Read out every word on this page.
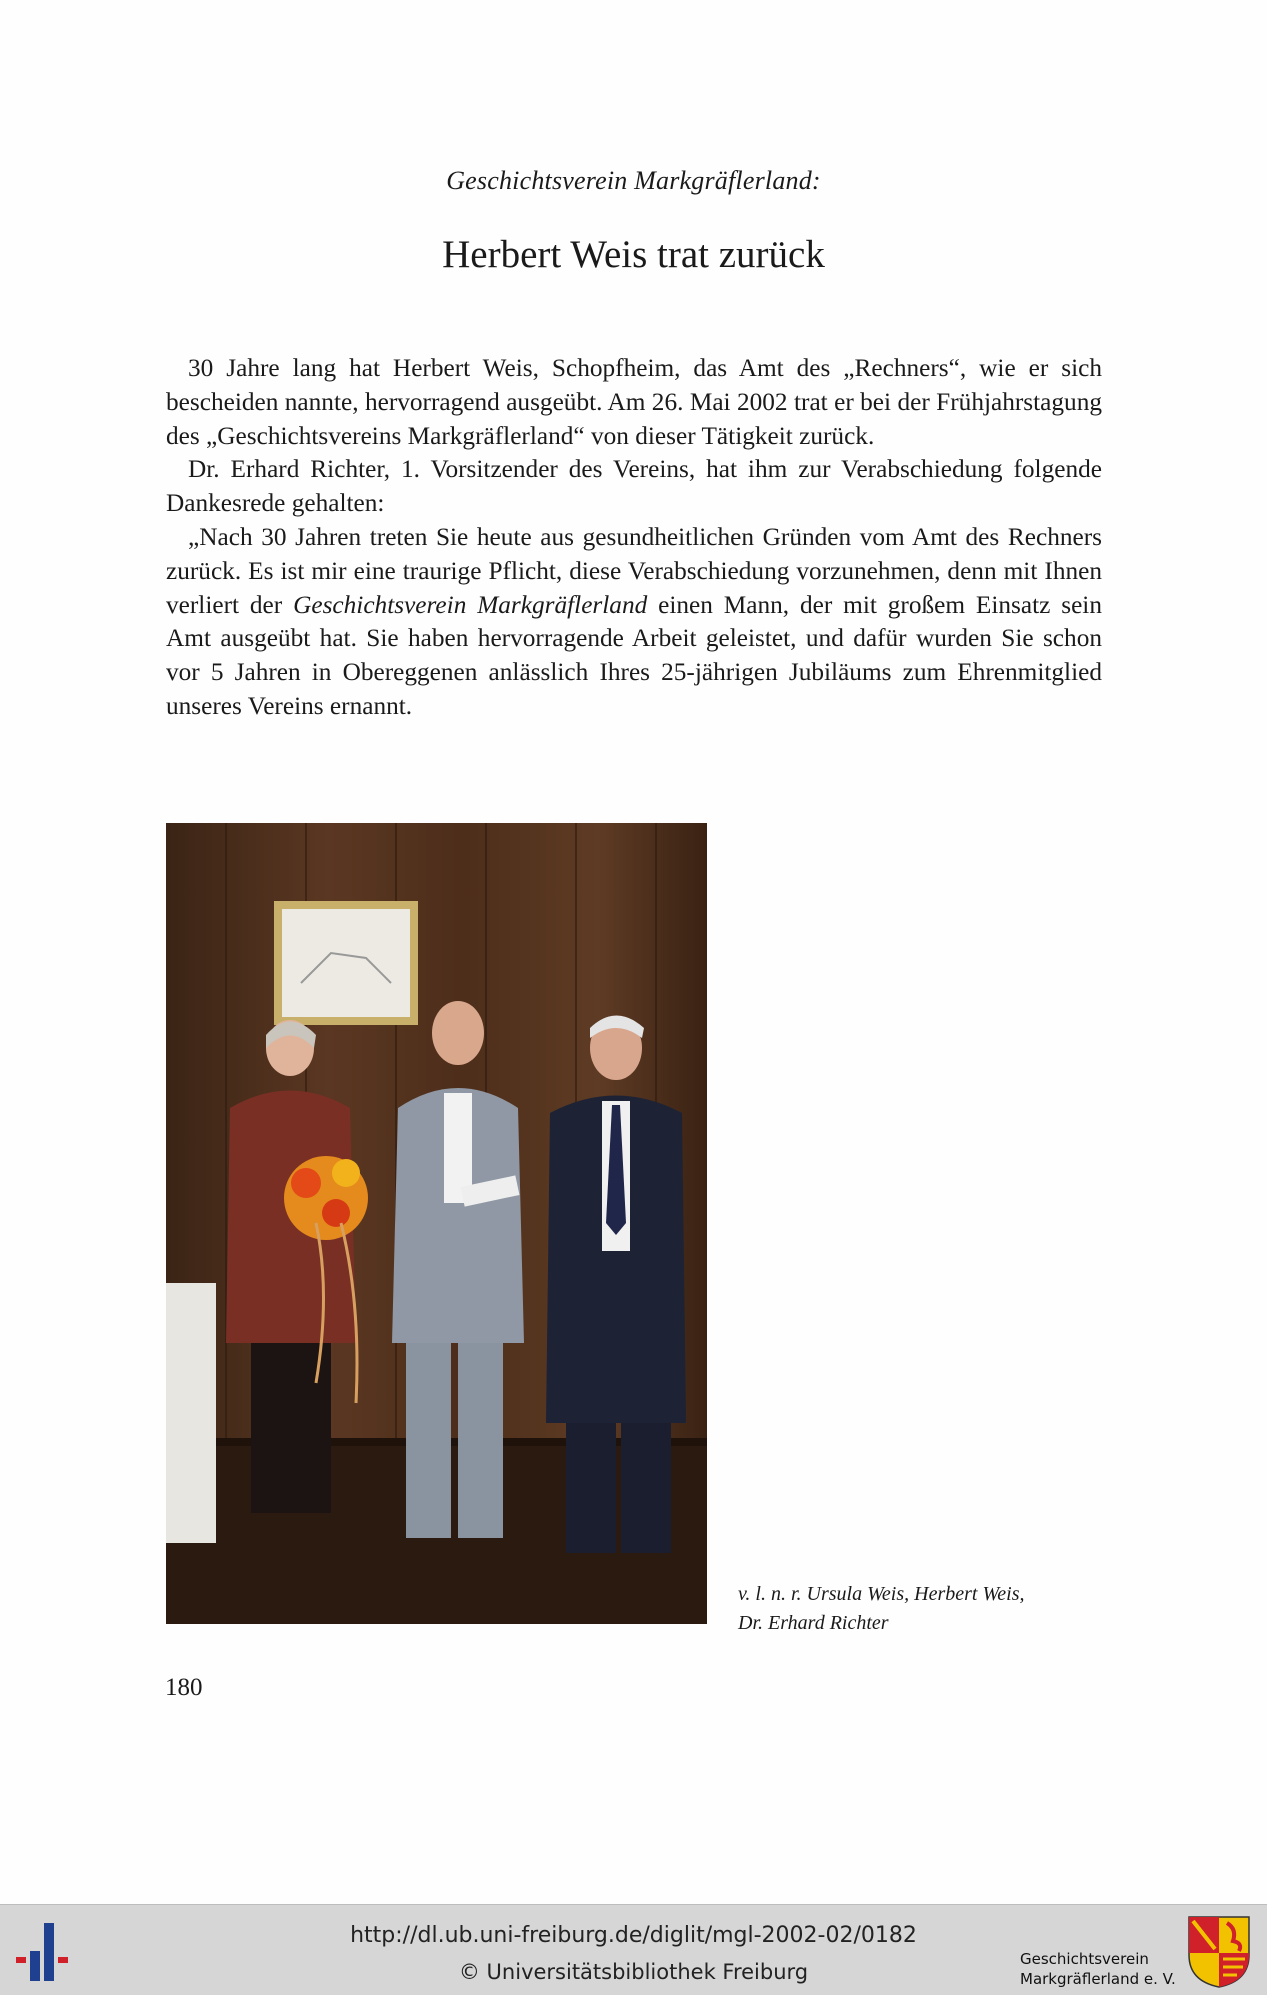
Geschichtsverein Markgräflerland:
Herbert Weis trat zurück

30 Jahre lang hat Herbert Weis, Schopfheim, das Amt des „Rechners“, wie er sich bescheiden nannte, hervorragend ausgeübt. Am 26. Mai 2002 trat er bei der Frühjahrstagung des „Geschichtsvereins Markgräflerland“ von dieser Tätigkeit zurück.

Dr. Erhard Richter, 1. Vorsitzender des Vereins, hat ihm zur Verabschiedung folgende Dankesrede gehalten:

„Nach 30 Jahren treten Sie heute aus gesundheitlichen Gründen vom Amt des Rechners zurück. Es ist mir eine traurige Pflicht, diese Verabschiedung vorzunehmen, denn mit Ihnen verliert der Geschichtsverein Markgräflerland einen Mann, der mit großem Einsatz sein Amt ausgeübt hat. Sie haben hervorragende Arbeit geleistet, und dafür wurden Sie schon vor 5 Jahren in Obereggenen anlässlich Ihres 25-jährigen Jubiläums zum Ehrenmitglied unseres Vereins ernannt.

v. l. n. r. Ursula Weis, Herbert Weis,
Dr. Erhard Richter
180
http://dl.ub.uni-freiburg.de/diglit/mgl-2002-02/0182
© Universitätsbibliothek Freiburg
Geschichtsverein
Markgräflerland e. V.
